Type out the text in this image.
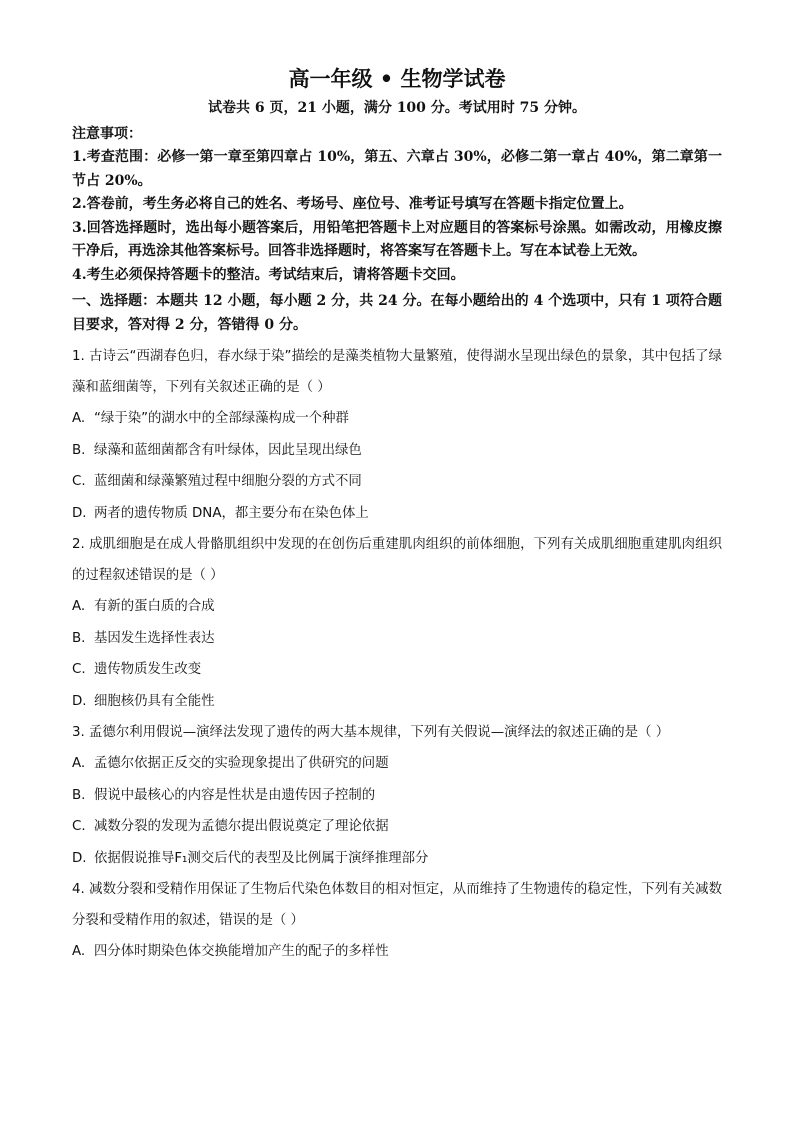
高一年级 • 生物学试卷

试卷共 6 页，21 小题，满分 100 分。考试用时 75 分钟。

注意事项：

1.考查范围：必修一第一章至第四章占 10%，第五、六章占 30%，必修二第一章占 40%，第二章第一节占 20%。

2.答卷前，考生务必将自己的姓名、考场号、座位号、准考证号填写在答题卡指定位置上。

3.回答选择题时，选出每小题答案后，用铅笔把答题卡上对应题目的答案标号涂黑。如需改动，用橡皮擦干净后，再选涂其他答案标号。回答非选择题时，将答案写在答题卡上。写在本试卷上无效。

4.考生必须保持答题卡的整洁。考试结束后，请将答题卡交回。

一、选择题：本题共 12 小题，每小题 2 分，共 24 分。在每小题给出的 4 个选项中，只有 1 项符合题目要求，答对得 2 分，答错得 0 分。

1. 古诗云“西湖春色归，春水绿于染”描绘的是藻类植物大量繁殖，使得湖水呈现出绿色的景象，其中包括了绿藻和蓝细菌等，下列有关叙述正确的是（ ）

A. “绿于染”的湖水中的全部绿藻构成一个种群

B. 绿藻和蓝细菌都含有叶绿体，因此呈现出绿色

C. 蓝细菌和绿藻繁殖过程中细胞分裂的方式不同

D. 两者的遗传物质 DNA，都主要分布在染色体上

2. 成肌细胞是在成人骨骼肌组织中发现的在创伤后重建肌肉组织的前体细胞，下列有关成肌细胞重建肌肉组织的过程叙述错误的是（ ）

A. 有新的蛋白质的合成

B. 基因发生选择性表达

C. 遗传物质发生改变

D. 细胞核仍具有全能性

3. 孟德尔利用假说—演绎法发现了遗传的两大基本规律，下列有关假说—演绎法的叙述正确的是（ ）

A. 孟德尔依据正反交的实验现象提出了供研究的问题

B. 假说中最核心的内容是性状是由遗传因子控制的

C. 减数分裂的发现为孟德尔提出假说奠定了理论依据

D. 依据假说推导F₁测交后代的表型及比例属于演绎推理部分

4. 减数分裂和受精作用保证了生物后代染色体数目的相对恒定，从而维持了生物遗传的稳定性，下列有关减数分裂和受精作用的叙述，错误的是（ ）

A. 四分体时期染色体交换能增加产生的配子的多样性
